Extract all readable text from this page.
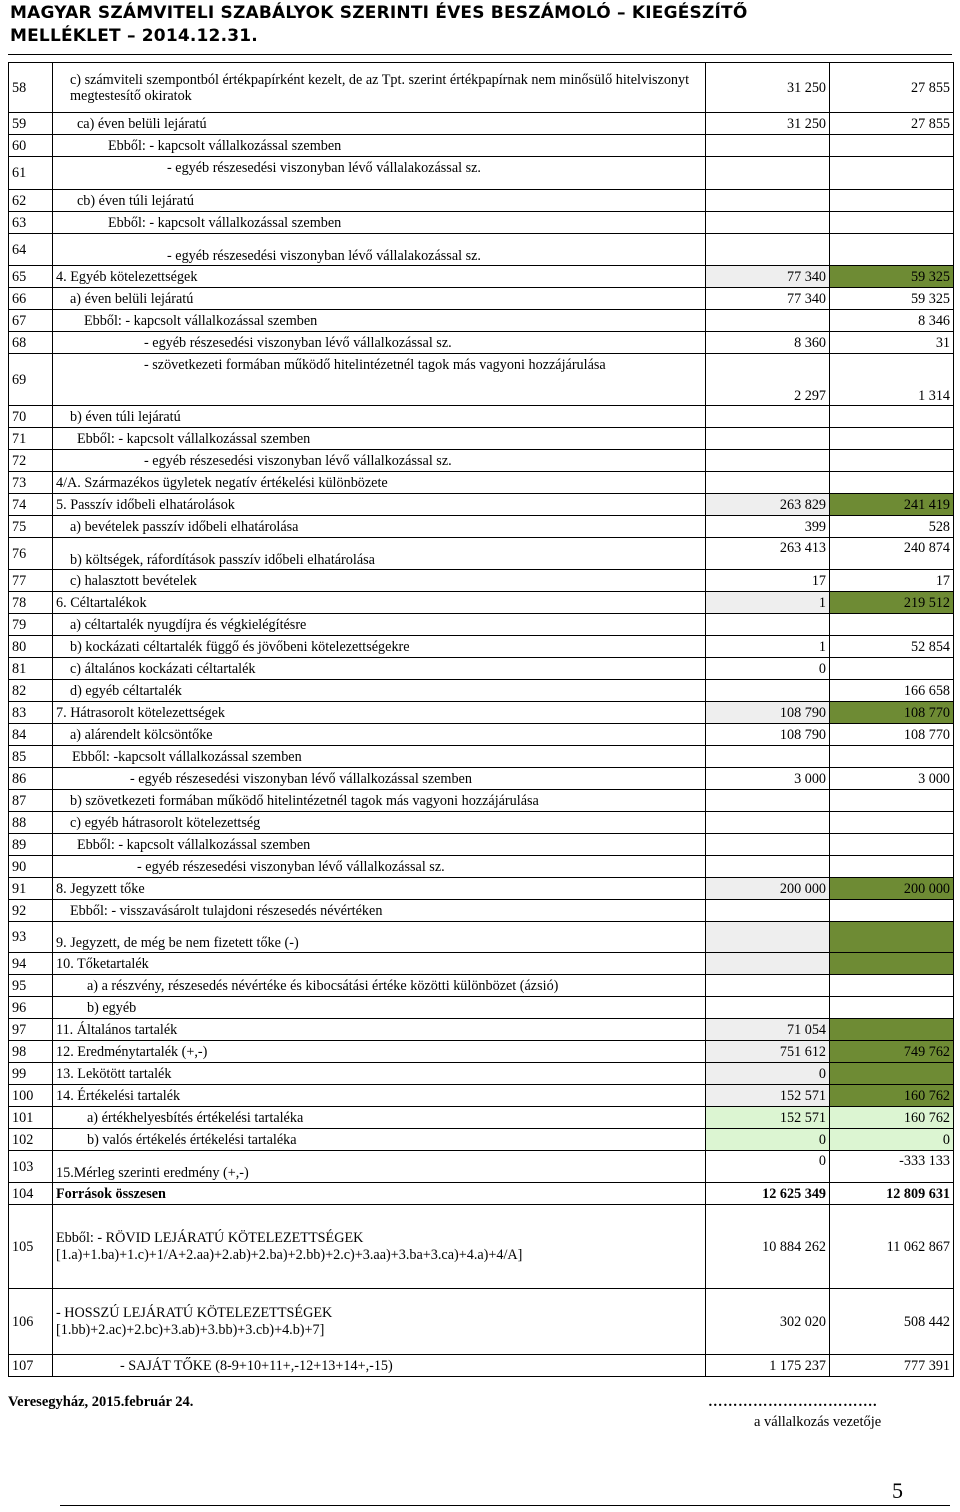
MAGYAR SZÁMVITELI SZABÁLYOK SZERINTI ÉVES BESZÁMOLÓ – KIEGÉSZÍTŐ
MELLÉKLET – 2014.12.31.
58	c) számviteli szempontból értékpapírként kezelt, de az Tpt. szerint értékpapírnak nem minősülő hitelviszonyt megtestesítő okiratok	31 250	27 855
59	ca) éven belüli lejáratú	31 250	27 855
60	Ebből: - kapcsolt vállalkozással szemben		
61	- egyéb részesedési viszonyban lévő vállalakozással sz.		
62	cb) éven túli lejáratú		
63	Ebből: - kapcsolt vállalkozással szemben		
64	- egyéb részesedési viszonyban lévő vállalakozással sz.		
65	4. Egyéb kötelezettségek	77 340	59 325
66	a) éven belüli lejáratú	77 340	59 325
67	Ebből: - kapcsolt vállalkozással szemben		8 346
68	- egyéb részesedési viszonyban lévő vállalkozással sz.	8 360	31
69	- szövetkezeti formában működő hitelintézetnél tagok más vagyoni hozzájárulása	2 297	1 314
70	b) éven túli lejáratú		
71	Ebből: - kapcsolt vállalkozással szemben		
72	- egyéb részesedési viszonyban lévő vállalkozással sz.		
73	4/A. Származékos ügyletek negatív értékelési különbözete		
74	5. Passzív időbeli elhatárolások	263 829	241 419
75	a) bevételek passzív időbeli elhatárolása	399	528
76	b) költségek, ráfordítások passzív időbeli elhatárolása	263 413	240 874
77	c) halasztott bevételek	17	17
78	6. Céltartalékok	1	219 512
79	a) céltartalék nyugdíjra és végkielégítésre		
80	b) kockázati céltartalék függő és jövőbeni kötelezettségekre	1	52 854
81	c) általános kockázati céltartalék	0	
82	d) egyéb céltartalék		166 658
83	7. Hátrasorolt kötelezettségek	108 790	108 770
84	a) alárendelt kölcsöntőke	108 790	108 770
85	Ebből: -kapcsolt vállalkozással szemben		
86	- egyéb részesedési viszonyban lévő vállalkozással szemben	3 000	3 000
87	b) szövetkezeti formában működő hitelintézetnél tagok más vagyoni hozzájárulása		
88	c) egyéb hátrasorolt kötelezettség		
89	Ebből: - kapcsolt vállalkozással szemben		
90	- egyéb részesedési viszonyban lévő vállalkozással sz.		
91	8. Jegyzett tőke	200 000	200 000
92	Ebből: - visszavásárolt tulajdoni részesedés névértéken		
93	9. Jegyzett, de még be nem fizetett tőke (-)		
94	10. Tőketartalék		
95	a) a részvény, részesedés névértéke és kibocsátási értéke közötti különbözet (ázsió)		
96	b) egyéb		
97	11. Általános tartalék	71 054	
98	12. Eredménytartalék (+,-)	751 612	749 762
99	13. Lekötött tartalék	0	
100	14. Értékelési tartalék	152 571	160 762
101	a) értékhelyesbítés értékelési tartaléka	152 571	160 762
102	b) valós értékelés értékelési tartaléka	0	0
103	15.Mérleg szerinti eredmény (+,-)	0	-333 133
104	Források összesen	12 625 349	12 809 631
105	Ebből: - RÖVID LEJÁRATÚ KÖTELEZETTSÉGEK
[1.a)+1.ba)+1.c)+1/A+2.aa)+2.ab)+2.ba)+2.bb)+2.c)+3.aa)+3.ba+3.ca)+4.a)+4/A]	10 884 262	11 062 867
106	- HOSSZÚ LEJÁRATÚ KÖTELEZETTSÉGEK
[1.bb)+2.ac)+2.bc)+3.ab)+3.bb)+3.cb)+4.b)+7]	302 020	508 442
107	- SAJÁT TŐKE (8-9+10+11+,-12+13+14+,-15)	1 175 237	777 391
Veresegyház, 2015.február 24.	…………………………….
a vállalkozás vezetője
5
